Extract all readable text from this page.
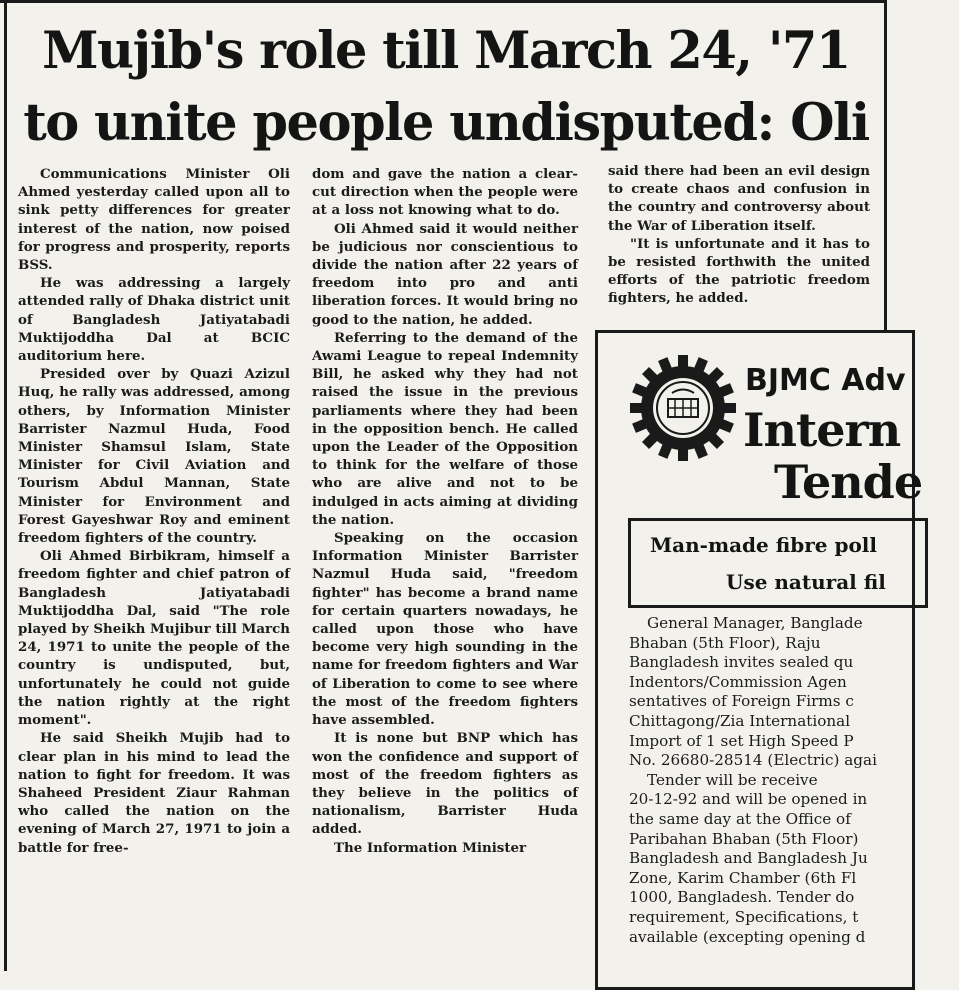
Mujib's role till March 24, '71
to unite people undisputed: Oli

Communications Minister Oli Ahmed yesterday called upon all to sink petty differences for greater interest of the nation, now poised for progress and prosperity, reports BSS.

He was addressing a largely attended rally of Dhaka district unit of Bangladesh Jatiyatabadi Muktijoddha Dal at BCIC auditorium here.

Presided over by Quazi Azizul Huq, he rally was addressed, among others, by Information Minister Barrister Nazmul Huda, Food Minister Shamsul Islam, State Minister for Civil Aviation and Tourism Abdul Mannan, State Minister for Environment and Forest Gayeshwar Roy and eminent freedom fighters of the country.

Oli Ahmed Birbikram, himself a freedom fighter and chief patron of Bangladesh Jatiyatabadi Muktijoddha Dal, said "The role played by Sheikh Mujibur till March 24, 1971 to unite the people of the country is undisputed, but, unfortunately he could not guide the nation rightly at the right moment".

He said Sheikh Mujib had to clear plan in his mind to lead the nation to fight for freedom. It was Shaheed President Ziaur Rahman who called the nation on the evening of March 27, 1971 to join a battle for free-

dom and gave the nation a clear-cut direction when the people were at a loss not knowing what to do.

Oli Ahmed said it would neither be judicious nor conscientious to divide the nation after 22 years of freedom into pro and anti liberation forces. It would bring no good to the nation, he added.

Referring to the demand of the Awami League to repeal Indemnity Bill, he asked why they had not raised the issue in the previous parliaments where they had been in the opposition bench. He called upon the Leader of the Opposition to think for the welfare of those who are alive and not to be indulged in acts aiming at dividing the nation.

Speaking on the occasion Information Minister Barrister Nazmul Huda said, "freedom fighter" has become a brand name for certain quarters nowadays, he called upon those who have become very high sounding in the name for freedom fighters and War of Liberation to come to see where the most of the freedom fighters have assembled.

It is none but BNP which has won the confidence and support of most of the freedom fighters as they believe in the politics of nationalism, Barrister Huda added.

The Information Minister

said there had been an evil design to create chaos and confusion in the country and controversy about the War of Liberation itself.

"It is unfortunate and it has to be resisted forthwith the united efforts of the patriotic freedom fighters, he added.

BJMC Adv
Intern
Tende
Man-made fibre poll
Use natural fil
General Manager, Banglade
Bhaban (5th Floor), Raju
Bangladesh invites sealed qu
Indentors/Commission Agen
sentatives of Foreign Firms c
Chittagong/Zia International
Import of 1 set High Speed P
No. 26680-28514 (Electric) agai
Tender will be receive
20-12-92 and will be opened in
the same day at the Office of
Paribahan Bhaban (5th Floor)
Bangladesh and Bangladesh Ju
Zone, Karim Chamber (6th Fl
1000, Bangladesh. Tender do
requirement, Specifications, t
available (excepting opening d
